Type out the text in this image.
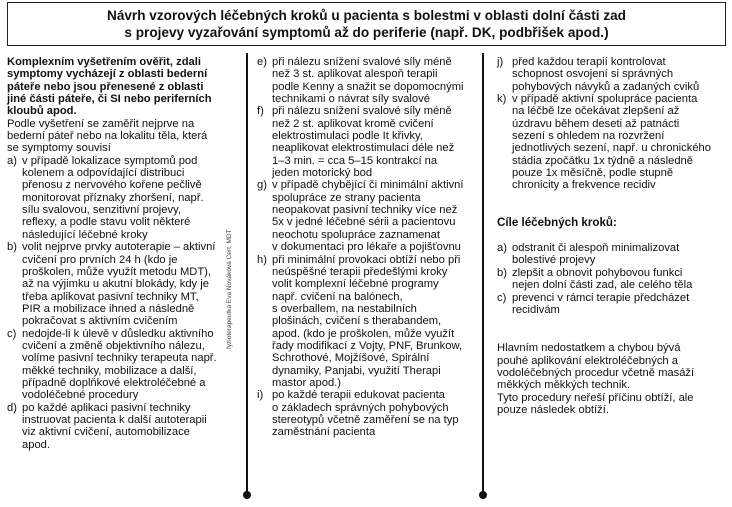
Návrh vzorových léčebných kroků u pacienta s bolestmi v oblasti dolní části zad
s projevy vyzařování symptomů až do periferie (např. DK, podbřišek apod.)
fyzioterapeutka Eva Nováková Cert. MDT
Komplexním vyšetřením ověřit, zdali
symptomy vycházejí z oblasti bederní
páteře nebo jsou přenesené z oblasti
jiné části páteře, či SI nebo periferních
kloubů apod.
Podle vyšetření se zaměřit nejprve na
bederní páteř nebo na lokalitu těla, která
se symptomy souvisí
a) v případě lokalizace symptomů pod
kolenem a odpovídající distribuci
přenosu z nervového kořene pečlivě
monitorovat příznaky zhoršení, např.
sílu svalovou, senzitivní projevy,
reflexy, a podle stavu volit některé
následující léčebné kroky
b) volit nejprve prvky autoterapie – aktivní
cvičení pro prvních 24 h (kdo je
proškolen, může využít metodu MDT),
až na výjimku u akutní blokády, kdy je
třeba aplikovat pasivní techniky MT,
PIR a mobilizace ihned a následně
pokračovat s aktivním cvičením
c) nedojde-li k úlevě v důsledku aktivního
cvičení a změně objektivního nálezu,
volíme pasivní techniky terapeuta např.
měkké techniky, mobilizace a další,
případně doplňkové elektroléčebné a
vodoléčebné procedury
d) po každé aplikaci pasivní techniky
instruovat pacienta k další autoterapii
viz aktivní cvičení, automobilizace
apod.
e) při nálezu snížení svalové síly méně
než 3 st. aplikovat alespoň terapii
podle Kenny a snažit se dopomocnými
technikami o návrat síly svalové
f) při nálezu snížení svalové síly méně
než 2 st. aplikovat kromě cvičení
elektrostimulaci podle It křivky,
neaplikovat elektrostimulaci déle než
1–3 min. = cca 5–15 kontrakcí na
jeden motorický bod
g) v případě chybějící či minimální aktivní
spolupráce ze strany pacienta
neopakovat pasivní techniky více než
5x v jedné léčebné sérii a pacientovu
neochotu spolupráce zaznamenat
v dokumentaci pro lékaře a pojišťovnu
h) při minimální provokaci obtíží nebo při
neúspěšné terapii předešlými kroky
volit komplexní léčebné programy
např. cvičení na balónech,
s overballem, na nestabilních
plošinách, cvičení s therabandem,
apod. (kdo je proškolen, může využít
řady modifikací z Vojty, PNF, Brunkow,
Schrothové, Mojžíšové, Spirální
dynamiky, Panjabi, využití Therapi
mastor apod.)
i) po každé terapii edukovat pacienta
o základech správných pohybových
stereotypů včetně zaměření se na typ
zaměstnání pacienta
j) před každou terapií kontrolovat
schopnost osvojení si správných
pohybových návyků a zadaných cviků
k) v případě aktivní spolupráce pacienta
na léčbě lze očekávat zlepšení až
úzdravu během deseti až patnácti
sezení s ohledem na rozvržení
jednotlivých sezení, např. u chronického
stádia zpočátku 1x týdně a následně
pouze 1x měsíčně, podle stupně
chronicity a frekvence recidiv
Cíle léčebných kroků:
a) odstranit či alespoň minimalizovat
bolestivé projevy
b) zlepšit a obnovit pohybovou funkci
nejen dolní části zad, ale celého těla
c) prevenci v rámci terapie předcházet
recidivám
Hlavním nedostatkem a chybou bývá
pouhé aplikování elektroléčebných a
vodoléčebných procedur včetně masáží
měkkých měkkých technik.
Tyto procedury neřeší příčinu obtíží, ale
pouze následek obtíží.
